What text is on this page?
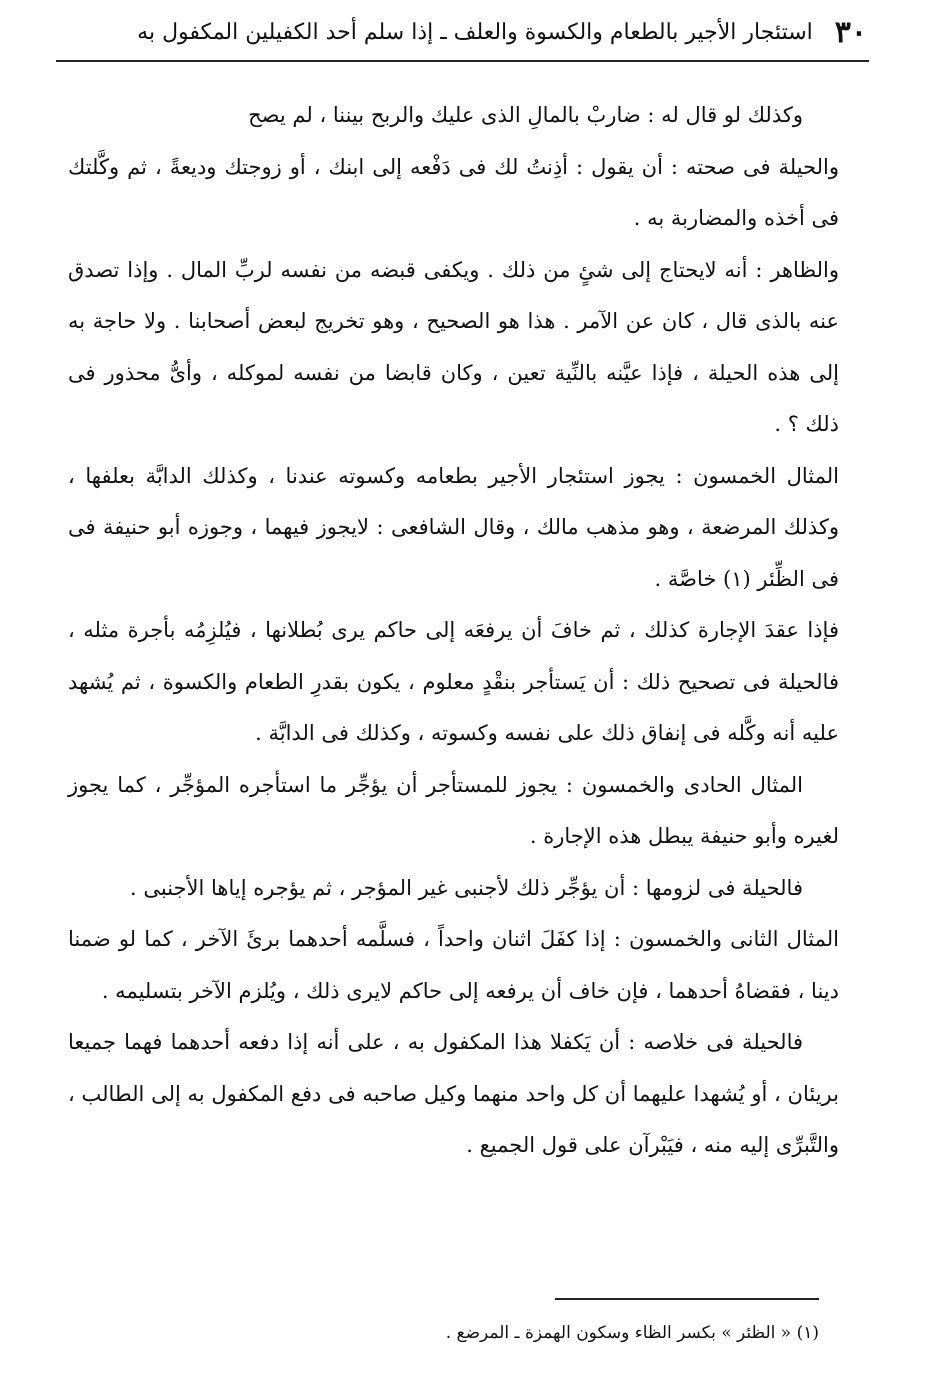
٣٠
استئجار الأجير بالطعام والكسوة والعلف ـ إذا سلم أحد الكفيلين المكفول به

وكذلك لو قال له : ضاربْ بالمالِ الذى عليك والربح بيننا ، لم يصح

والحيلة فى صحته : أن يقول : أذِنتُ لك فى دَفْعه إلى ابنك ، أو زوجتك وديعةً ، ثم وكَّلتك فى أخذه والمضاربة به .

والظاهر : أنه لايحتاج إلى شئٍ من ذلك . ويكفى قبضه من نفسه لربِّ المال . وإذا تصدق عنه بالذى قال ، كان عن الآمر . هذا هو الصحيح ، وهو تخريج لبعض أصحابنا . ولا حاجة به إلى هذه الحيلة ، فإذا عيَّنه بالنِّية تعين ، وكان قابضا من نفسه لموكله ، وأىُّ محذور فى ذلك ؟ .

المثال الخمسون : يجوز استئجار الأجير بطعامه وكسوته عندنا ، وكذلك الدابَّة بعلفها ، وكذلك المرضعة ، وهو مذهب مالك ، وقال الشافعى : لايجوز فيهما ، وجوزه أبو حنيفة فى فى الظِّئر (١) خاصَّة .

فإذا عقدَ الإجارة كذلك ، ثم خافَ أن يرفعَه إلى حاكم يرى بُطلانها ، فيُلزِمُه بأجرة مثله ، فالحيلة فى تصحيح ذلك : أن يَستأجر بنقْدٍ معلوم ، يكون بقدرِ الطعام والكسوة ، ثم يُشهد عليه أنه وكَّله فى إنفاق ذلك على نفسه وكسوته ، وكذلك فى الدابَّة .

المثال الحادى والخمسون : يجوز للمستأجر أن يؤجِّر ما استأجره المؤجِّر ، كما يجوز لغيره وأبو حنيفة يبطل هذه الإجارة .

فالحيلة فى لزومها : أن يؤجِّر ذلك لأجنبى غير المؤجر ، ثم يؤجره إياها الأجنبى .

المثال الثانى والخمسون : إذا كفَلَ اثنان واحداً ، فسلَّمه أحدهما برئَ الآخر ، كما لو ضمنا دينا ، فقضاهُ أحدهما ، فإن خاف أن يرفعه إلى حاكم لايرى ذلك ، ويُلزم الآخر بتسليمه .

فالحيلة فى خلاصه : أن يَكفلا هذا المكفول به ، على أنه إذا دفعه أحدهما فهما جميعا بريئان ، أو يُشهدا عليهما أن كل واحد منهما وكيل صاحبه فى دفع المكفول به إلى الطالب ، والتَّبرِّى إليه منه ، فيَبْرآن على قول الجميع .

(١) « الظئر » بكسر الظاء وسكون الهمزة ـ المرضع .
